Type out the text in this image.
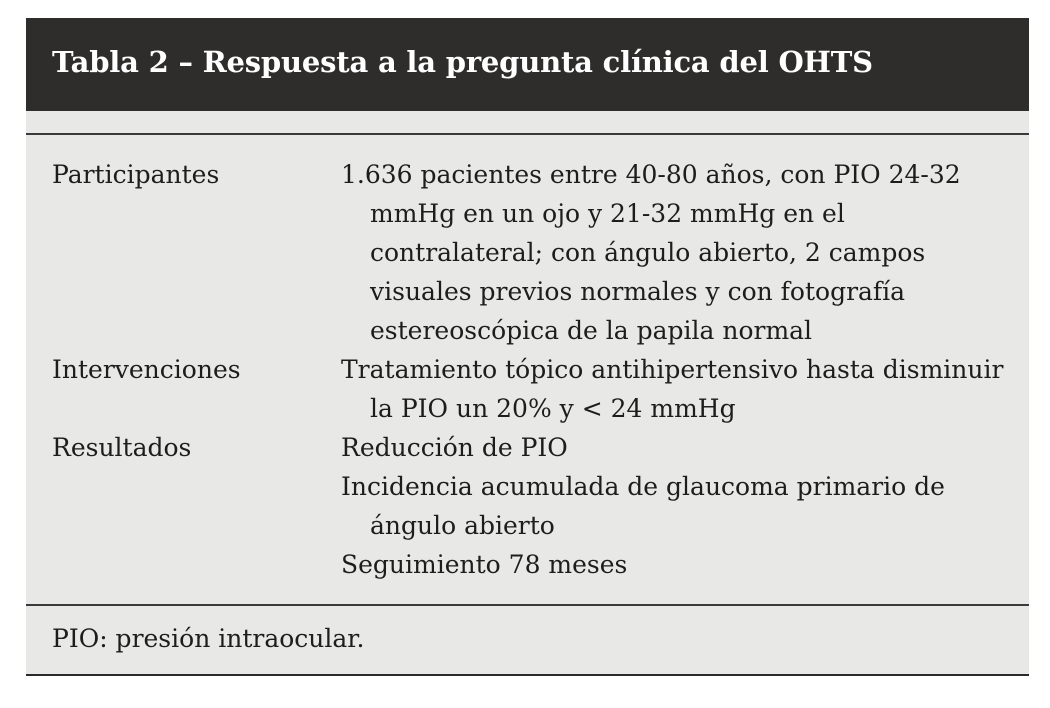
Tabla 2 – Respuesta a la pregunta clínica del OHTS
Participantes	1.636 pacientes entre 40-80 años, con PIO 24-32 mmHg en un ojo y 21-32 mmHg en el contralateral; con ángulo abierto, 2 campos visuales previos normales y con fotografía estereoscópica de la papila normal

Intervenciones	Tratamiento tópico antihipertensivo hasta disminuir la PIO un 20% y < 24 mmHg

Resultados	Reducción de PIO

Incidencia acumulada de glaucoma primario de ángulo abierto

Seguimiento 78 meses

PIO: presión intraocular.
